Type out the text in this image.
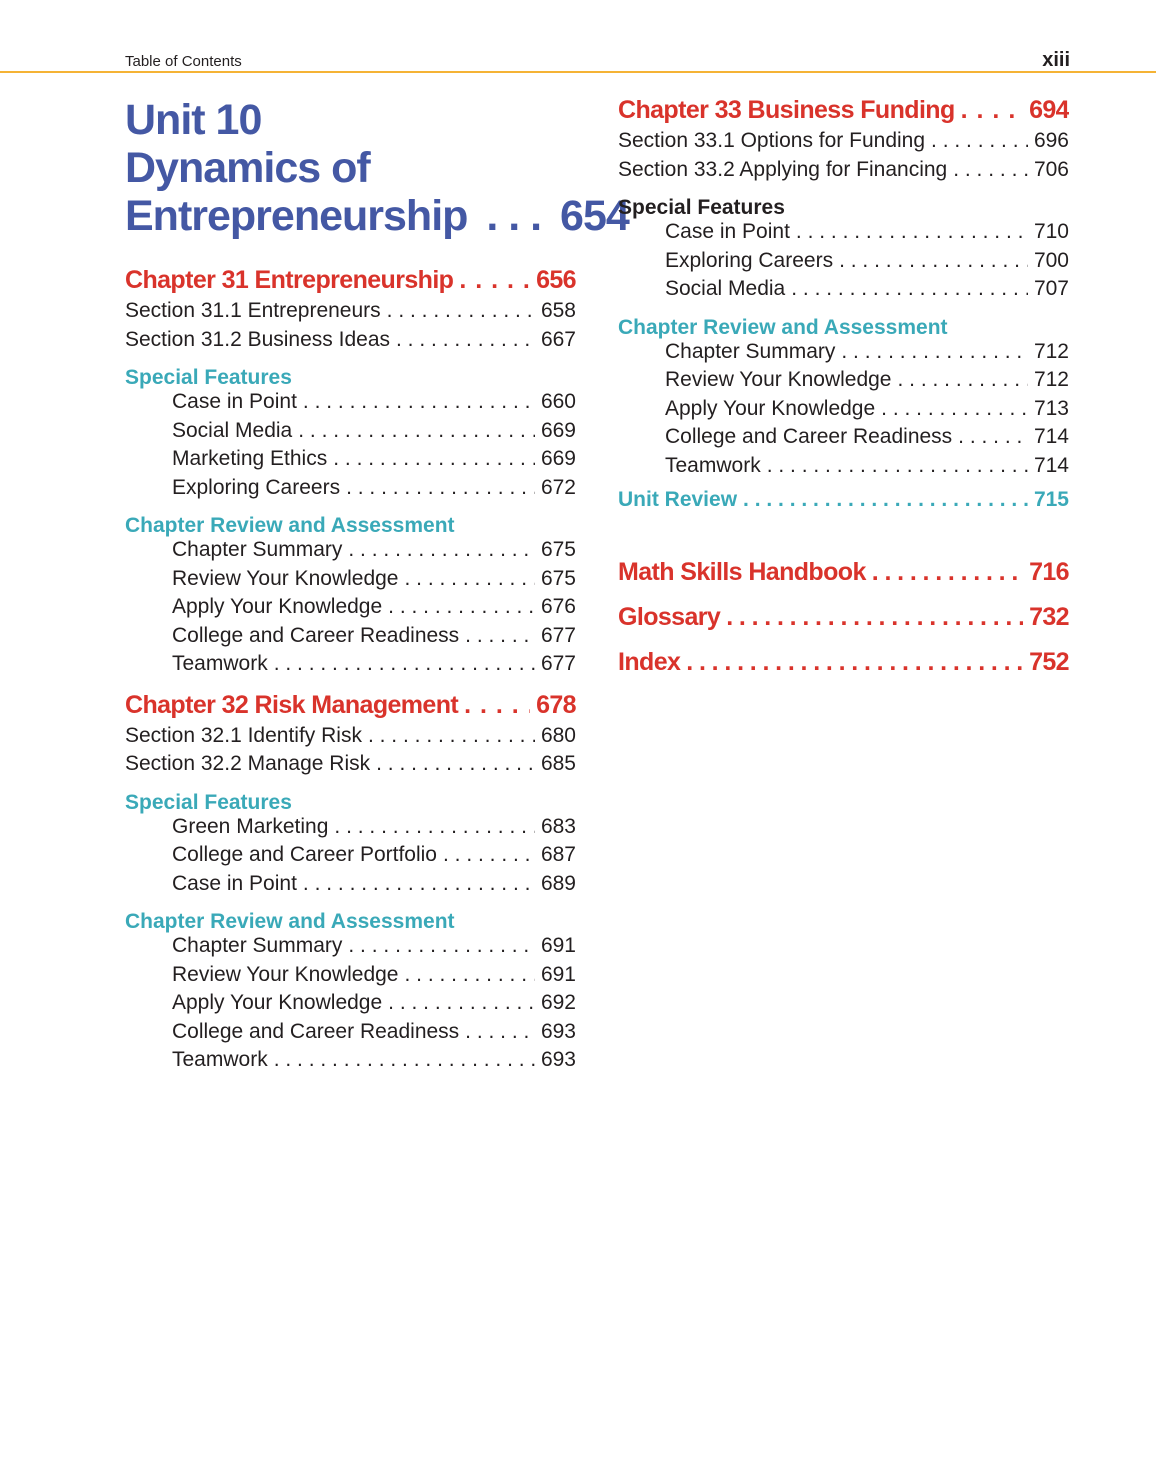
Table of Contents	xiii
Unit 10
Dynamics of
Entrepreneurship . . . 654
Chapter 31 Entrepreneurship . . .	656
Section 31.1 Entrepreneurs . . .	658
Section 31.2 Business Ideas . . .	667
Special Features
Case in Point . . .	660
Social Media . . .	669
Marketing Ethics . . .	669
Exploring Careers . . .	672
Chapter Review and Assessment
Chapter Summary . . .	675
Review Your Knowledge . . .	675
Apply Your Knowledge . . .	676
College and Career Readiness . . .	677
Teamwork . . .	677
Chapter 32 Risk Management . . .	678
Section 32.1 Identify Risk . . .	680
Section 32.2 Manage Risk . . .	685
Special Features
Green Marketing . . .	683
College and Career Portfolio . . .	687
Case in Point . . .	689
Chapter Review and Assessment
Chapter Summary . . .	691
Review Your Knowledge . . .	691
Apply Your Knowledge . . .	692
College and Career Readiness . . .	693
Teamwork . . .	693
Chapter 33 Business Funding . . .	694
Section 33.1 Options for Funding . . .	696
Section 33.2 Applying for Financing . . .	706
Special Features
Case in Point . . .	710
Exploring Careers . . .	700
Social Media . . .	707
Chapter Review and Assessment
Chapter Summary . . .	712
Review Your Knowledge . . .	712
Apply Your Knowledge . . .	713
College and Career Readiness . . .	714
Teamwork . . .	714
Unit Review . . .	715
Math Skills Handbook . . .	716
Glossary . . .	732
Index . . .	752
